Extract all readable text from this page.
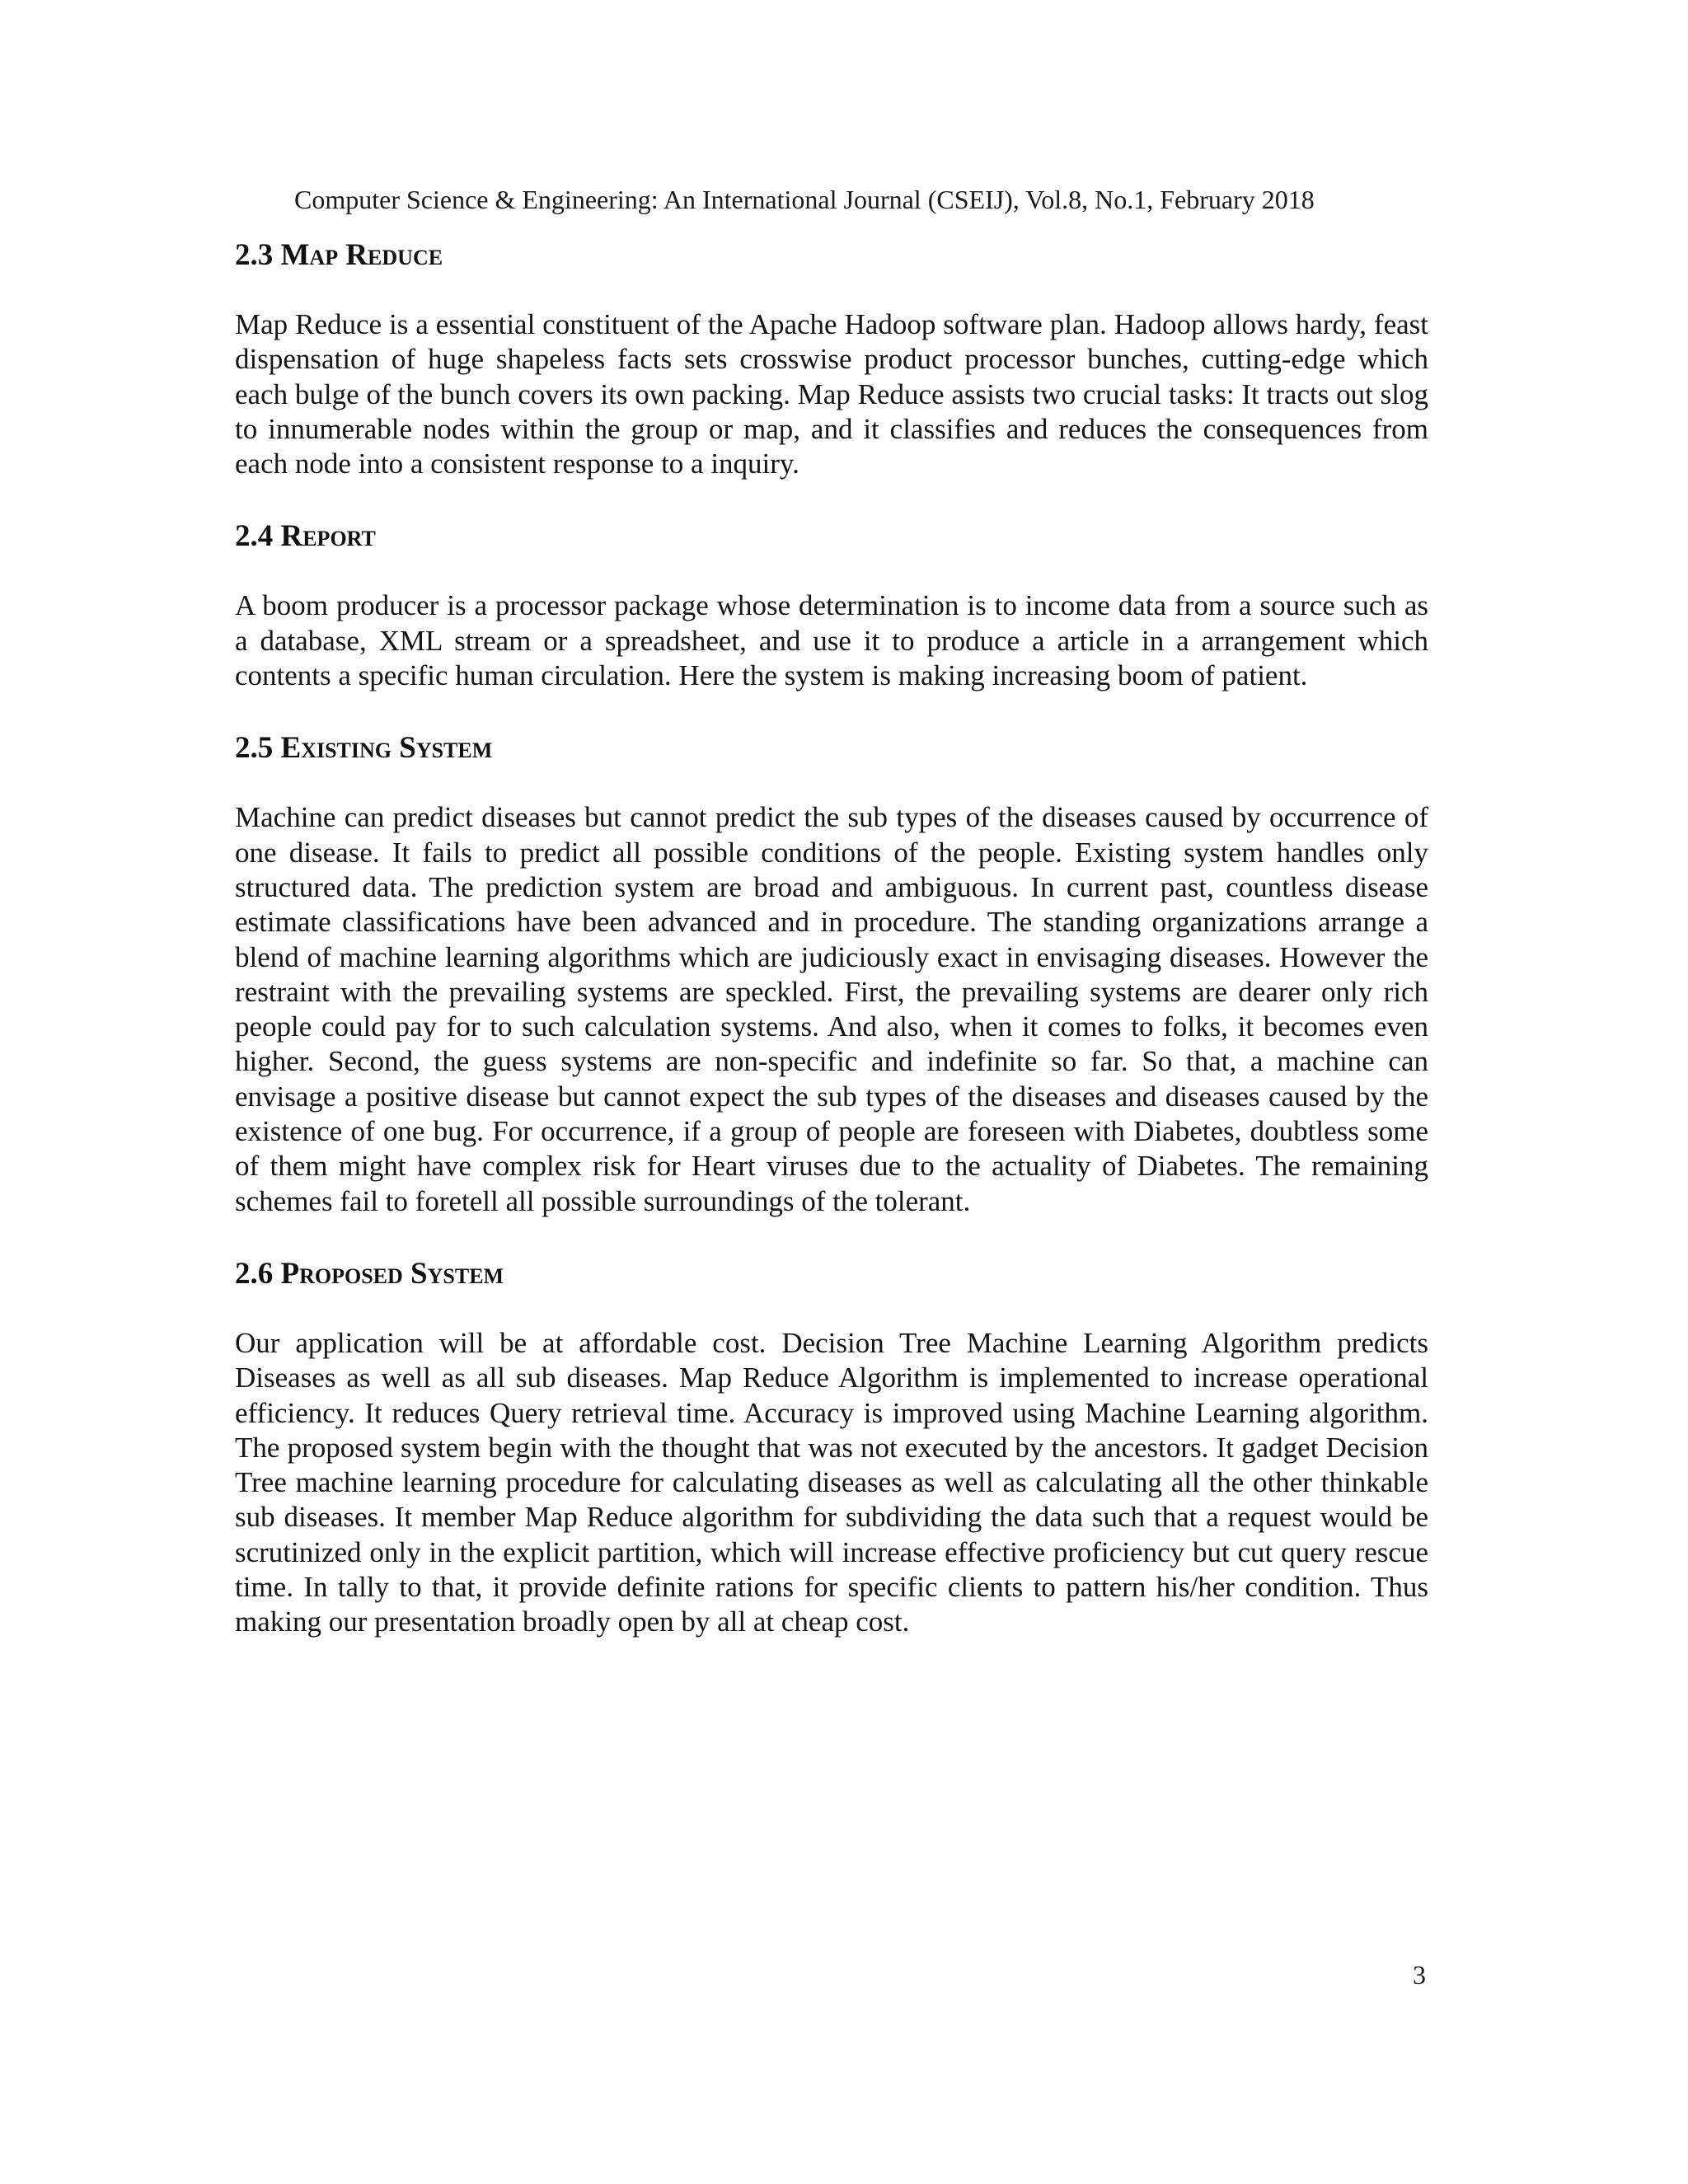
Computer Science & Engineering: An International Journal (CSEIJ), Vol.8, No.1, February 2018
2.3 Map Reduce

Map Reduce is a essential constituent of the Apache Hadoop software plan. Hadoop allows hardy, feast dispensation of huge shapeless facts sets crosswise product processor bunches, cutting-edge which each bulge of the bunch covers its own packing. Map Reduce assists two crucial tasks: It tracts out slog to innumerable nodes within the group or map, and it classifies and reduces the consequences from each node into a consistent response to a inquiry.

2.4 Report

A boom producer is a processor package whose determination is to income data from a source such as a database, XML stream or a spreadsheet, and use it to produce a article in a arrangement which contents a specific human circulation. Here the system is making increasing boom of patient.

2.5 Existing System

Machine can predict diseases but cannot predict the sub types of the diseases caused by occurrence of one disease. It fails to predict all possible conditions of the people. Existing system handles only structured data. The prediction system are broad and ambiguous. In current past, countless disease estimate classifications have been advanced and in procedure. The standing organizations arrange a blend of machine learning algorithms which are judiciously exact in envisaging diseases. However the restraint with the prevailing systems are speckled. First, the prevailing systems are dearer only rich people could pay for to such calculation systems. And also, when it comes to folks, it becomes even higher. Second, the guess systems are non-specific and indefinite so far. So that, a machine can envisage a positive disease but cannot expect the sub types of the diseases and diseases caused by the existence of one bug. For occurrence, if a group of people are foreseen with Diabetes, doubtless some of them might have complex risk for Heart viruses due to the actuality of Diabetes. The remaining schemes fail to foretell all possible surroundings of the tolerant.

2.6 Proposed System

Our application will be at affordable cost. Decision Tree Machine Learning Algorithm predicts Diseases as well as all sub diseases. Map Reduce Algorithm is implemented to increase operational efficiency. It reduces Query retrieval time. Accuracy is improved using Machine Learning algorithm. The proposed system begin with the thought that was not executed by the ancestors. It gadget Decision Tree machine learning procedure for calculating diseases as well as calculating all the other thinkable sub diseases. It member Map Reduce algorithm for subdividing the data such that a request would be scrutinized only in the explicit partition, which will increase effective proficiency but cut query rescue time. In tally to that, it provide definite rations for specific clients to pattern his/her condition. Thus making our presentation broadly open by all at cheap cost.

3
